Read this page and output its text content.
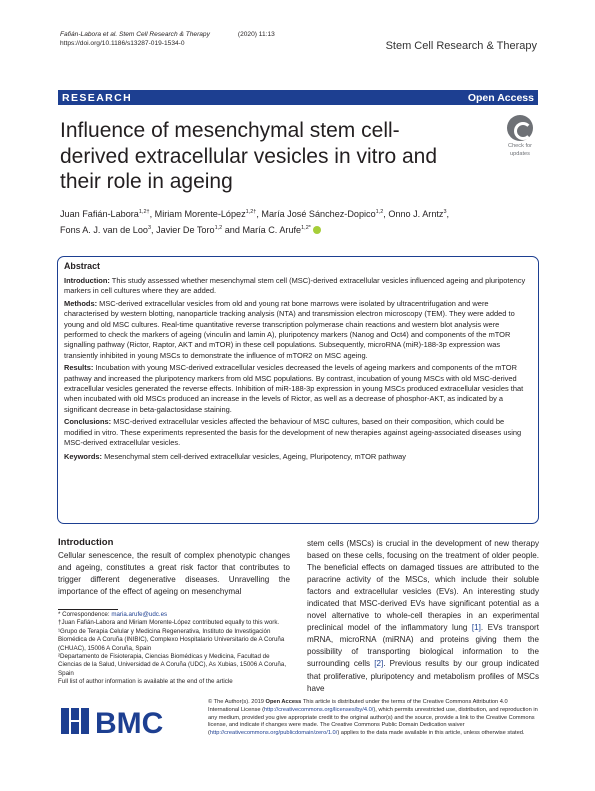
Fafián-Labora et al. Stem Cell Research & Therapy	(2020) 11:13
https://doi.org/10.1186/s13287-019-1534-0	Stem Cell Research & Therapy
RESEARCH	Open Access
Influence of mesenchymal stem cell-derived extracellular vesicles in vitro and their role in ageing
Check for
updates
Juan Fafián-Labora$^{1,2\dagger}$, Miriam Morente-López$^{1,2\dagger}$, María José Sánchez-Dopico$^{1,2}$, Onno J. Arntz$^3$,
Fons A. J. van de Loo$^3$, Javier De Toro$^{1,2}$ and María C. Arufe$^{1,2*}$
Abstract

Introduction: This study assessed whether mesenchymal stem cell (MSC)-derived extracellular vesicles influenced ageing and pluripotency markers in cell cultures where they are added.

Methods: MSC-derived extracellular vesicles from old and young rat bone marrows were isolated by ultracentrifugation and were characterised by western blotting, nanoparticle tracking analysis (NTA) and transmission electron microscopy (TEM). They were added to young and old MSC cultures. Real-time quantitative reverse transcription polymerase chain reactions and western blot analysis were performed to check the markers of ageing (vinculin and lamin A), pluripotency markers (Nanog and Oct4) and components of the mTOR signalling pathway (Rictor, Raptor, AKT and mTOR) in these cell populations. Subsequently, microRNA (miR)-188-3p expression was transiently inhibited in young MSCs to demonstrate the influence of mTOR2 on MSC ageing.

Results: Incubation with young MSC-derived extracellular vesicles decreased the levels of ageing markers and components of the mTOR pathway and increased the pluripotency markers from old MSC populations. By contrast, incubation of young MSCs with old MSC-derived extracellular vesicles generated the reverse effects. Inhibition of miR-188-3p expression in young MSCs produced extracellular vesicles that when incubated with old MSCs produced an increase in the levels of Rictor, as well as a decrease of phosphor-AKT, as indicated by a significant decrease in beta-galactosidase staining.

Conclusions: MSC-derived extracellular vesicles affected the behaviour of MSC cultures, based on their composition, which could be modified in vitro. These experiments represented the basis for the development of new therapies against ageing-associated diseases using MSC-derived extracellular vesicles.

Keywords: Mesenchymal stem cell-derived extracellular vesicles, Ageing, Pluripotency, mTOR pathway

Introduction
Cellular senescence, the result of complex phenotypic changes and ageing, constitutes a great risk factor that contributes to trigger different degenerative diseases. Unravelling the importance of the effect of ageing on mesenchymal
stem cells (MSCs) is crucial in the development of new therapy based on these cells, focusing on the treatment of older people. The beneficial effects on damaged tissues are attributed to the paracrine activity of the MSCs, which include their soluble factors and extracellular vesicles (EVs). An interesting study indicated that MSC-derived EVs have significant potential as a novel alternative to whole-cell therapies in an experimental preclinical model of the inflammatory lung [1]. EVs transport mRNA, microRNA (miRNA) and proteins giving them the possibility of transporting biological information to the surrounding cells [2]. Previous results by our group indicated that proliferative, pluripotency and metabolism profiles of MSCs have
* Correspondence: maria.arufe@udc.es
†Juan Fafián-Labora and Miriam Morente-López contributed equally to this work.
¹Grupo de Terapia Celular y Medicina Regenerativa, Instituto de Investigación Biomédica de A Coruña (INIBIC), Complexo Hospitalario Universitario de A Coruña (CHUAC), 15006 A Coruña, Spain
²Departamento de Fisioterapia, Ciencias Biomédicas y Medicina, Facultad de Ciencias de la Salud, Universidad de A Coruña (UDC), As Xubias, 15006 A Coruña, Spain
Full list of author information is available at the end of the article
BMC
© The Author(s). 2019 Open Access This article is distributed under the terms of the Creative Commons Attribution 4.0 International License (http://creativecommons.org/licenses/by/4.0/), which permits unrestricted use, distribution, and reproduction in any medium, provided you give appropriate credit to the original author(s) and the source, provide a link to the Creative Commons license, and indicate if changes were made. The Creative Commons Public Domain Dedication waiver (http://creativecommons.org/publicdomain/zero/1.0/) applies to the data made available in this article, unless otherwise stated.
